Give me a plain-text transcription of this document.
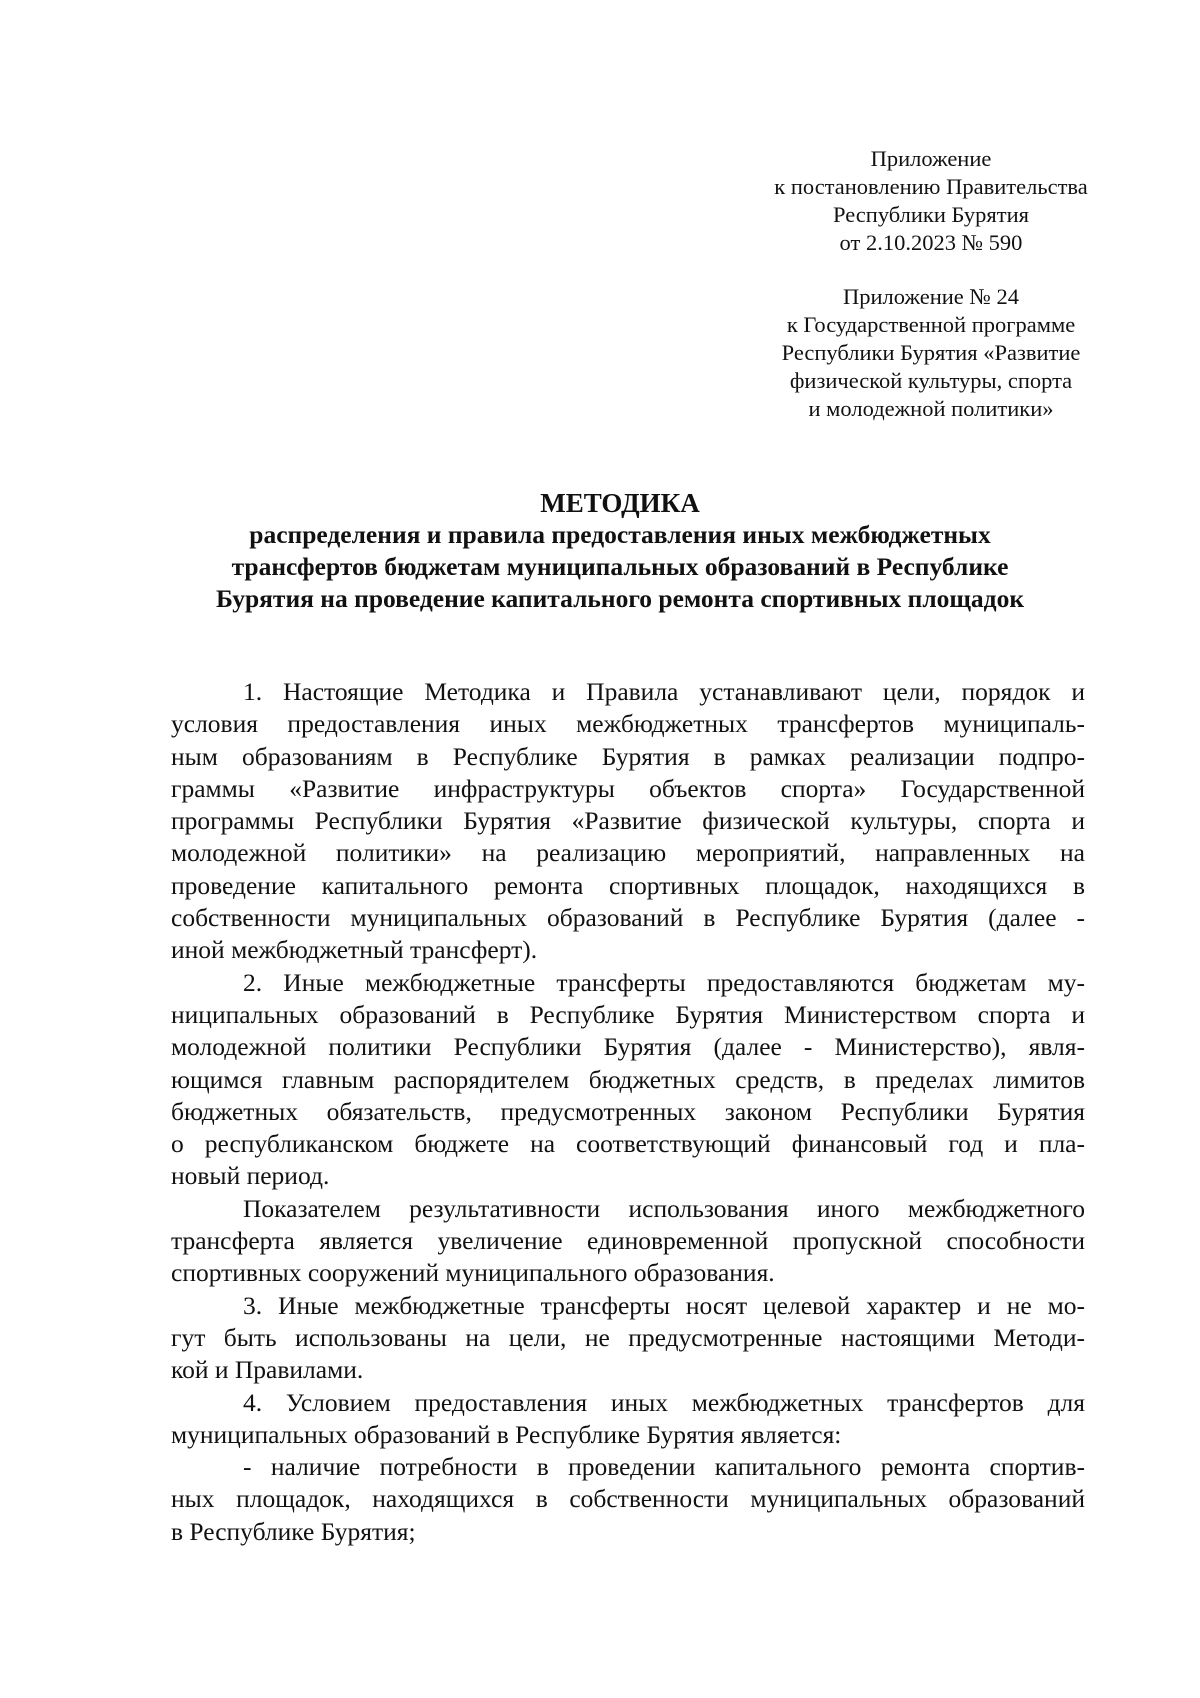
Приложение
к постановлению Правительства
Республики Бурятия
от 2.10.2023 № 590
Приложение № 24
к Государственной программе
Республики Бурятия «Развитие
физической культуры, спорта
и молодежной политики»
МЕТОДИКА
распределения и правила предоставления иных межбюджетных
трансфертов бюджетам муниципальных образований в Республике
Бурятия на проведение капитального ремонта спортивных площадок
1. Настоящие Методика и Правила устанавливают цели, порядок и
условия предоставления иных межбюджетных трансфертов муниципаль-
ным образованиям в Республике Бурятия в рамках реализации подпро-
граммы «Развитие инфраструктуры объектов спорта» Государственной
программы Республики Бурятия «Развитие физической культуры, спорта и
молодежной политики» на реализацию мероприятий, направленных на
проведение капитального ремонта спортивных площадок, находящихся в
собственности муниципальных образований в Республике Бурятия (далее -
иной межбюджетный трансферт).
2. Иные межбюджетные трансферты предоставляются бюджетам му-
ниципальных образований в Республике Бурятия Министерством спорта и
молодежной политики Республики Бурятия (далее - Министерство), явля-
ющимся главным распорядителем бюджетных средств, в пределах лимитов
бюджетных обязательств, предусмотренных законом Республики Бурятия
о республиканском бюджете на соответствующий финансовый год и пла-
новый период.
Показателем результативности использования иного межбюджетного
трансферта является увеличение единовременной пропускной способности
спортивных сооружений муниципального образования.
3. Иные межбюджетные трансферты носят целевой характер и не мо-
гут быть использованы на цели, не предусмотренные настоящими Методи-
кой и Правилами.
4. Условием предоставления иных межбюджетных трансфертов для
муниципальных образований в Республике Бурятия является:
- наличие потребности в проведении капитального ремонта спортив-
ных площадок, находящихся в собственности муниципальных образований
в Республике Бурятия;
